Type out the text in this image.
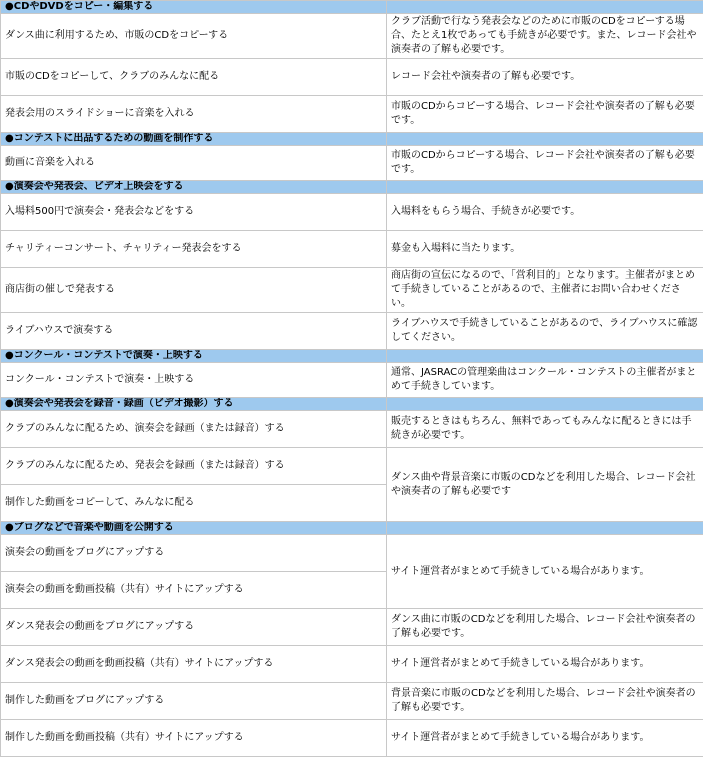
●CDやDVDをコピー・編集する	
ダンス曲に利用するため、市販のCDをコピーする	クラブ活動で行なう発表会などのために市販のCDをコピーする場合、たとえ1枚であっても手続きが必要です。また、レコード会社や演奏者の了解も必要です。
市販のCDをコピーして、クラブのみんなに配る	レコード会社や演奏者の了解も必要です。
発表会用のスライドショーに音楽を入れる	市販のCDからコピーする場合、レコード会社や演奏者の了解も必要です。
●コンテストに出品するための動画を制作する	
動画に音楽を入れる	市販のCDからコピーする場合、レコード会社や演奏者の了解も必要です。
●演奏会や発表会、ビデオ上映会をする	
入場料500円で演奏会・発表会などをする	入場料をもらう場合、手続きが必要です。
チャリティーコンサート、チャリティー発表会をする	募金も入場料に当たります。
商店街の催しで発表する	商店街の宣伝になるので、「営利目的」となります。主催者がまとめて手続きしていることがあるので、主催者にお問い合わせください。
ライブハウスで演奏する	ライブハウスで手続きしていることがあるので、ライブハウスに確認してください。
●コンクール・コンテストで演奏・上映する	
コンクール・コンテストで演奏・上映する	通常、JASRACの管理楽曲はコンクール・コンテストの主催者がまとめて手続きしています。
●演奏会や発表会を録音・録画（ビデオ撮影）する	
クラブのみんなに配るため、演奏会を録画（または録音）する	販売するときはもちろん、無料であってもみんなに配るときには手続きが必要です。
クラブのみんなに配るため、発表会を録画（または録音）する	ダンス曲や背景音楽に市販のCDなどを利用した場合、レコード会社や演奏者の了解も必要です
制作した動画をコピーして、みんなに配る	
●ブログなどで音楽や動画を公開する	
演奏会の動画をブログにアップする	サイト運営者がまとめて手続きしている場合があります。
演奏会の動画を動画投稿（共有）サイトにアップする	
ダンス発表会の動画をブログにアップする	ダンス曲に市販のCDなどを利用した場合、レコード会社や演奏者の了解も必要です。
ダンス発表会の動画を動画投稿（共有）サイトにアップする	サイト運営者がまとめて手続きしている場合があります。
制作した動画をブログにアップする	背景音楽に市販のCDなどを利用した場合、レコード会社や演奏者の了解も必要です。
制作した動画を動画投稿（共有）サイトにアップする	サイト運営者がまとめて手続きしている場合があります。
